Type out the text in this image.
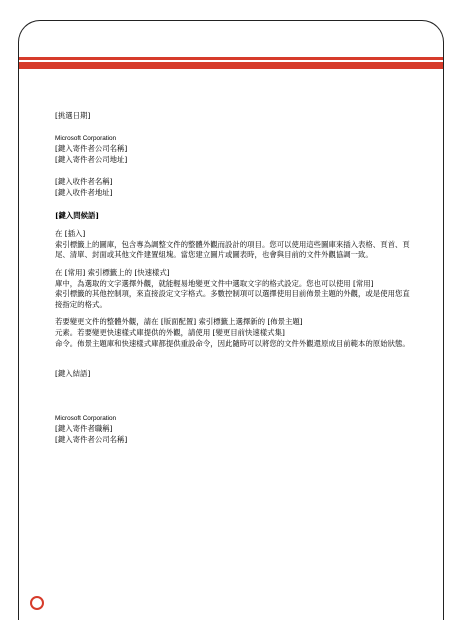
[挑選日期]

Microsoft Corporation

[鍵入寄件者公司名稱]

[鍵入寄件者公司地址]

[鍵入收件者名稱]

[鍵入收件者地址]

[鍵入問候語]

在 [插入]

索引標籤上的圖庫，包含專為調整文件的整體外觀而設計的項目。您可以使用這些圖庫來插入表格、頁首、頁尾、清單、封面或其他文件建置組塊。當您建立圖片或圖表時，也會與目前的文件外觀協調一致。

在 [常用] 索引標籤上的 [快速樣式]

庫中，為選取的文字選擇外觀，就能輕易地變更文件中選取文字的格式設定。您也可以使用 [常用]

索引標籤的其他控制項，來直接設定文字格式。多數控制項可以選擇使用目前佈景主題的外觀，或是使用您直接指定的格式。

若要變更文件的整體外觀，請在 [版面配置] 索引標籤上選擇新的 [佈景主題]

元素。若要變更快速樣式庫提供的外觀，請使用 [變更目前快速樣式集]

命令。佈景主題庫和快速樣式庫都提供重設命令，因此隨時可以將您的文件外觀還原成目前範本的原始狀態。

[鍵入結語]

Microsoft Corporation

[鍵入寄件者職稱]

[鍵入寄件者公司名稱]
